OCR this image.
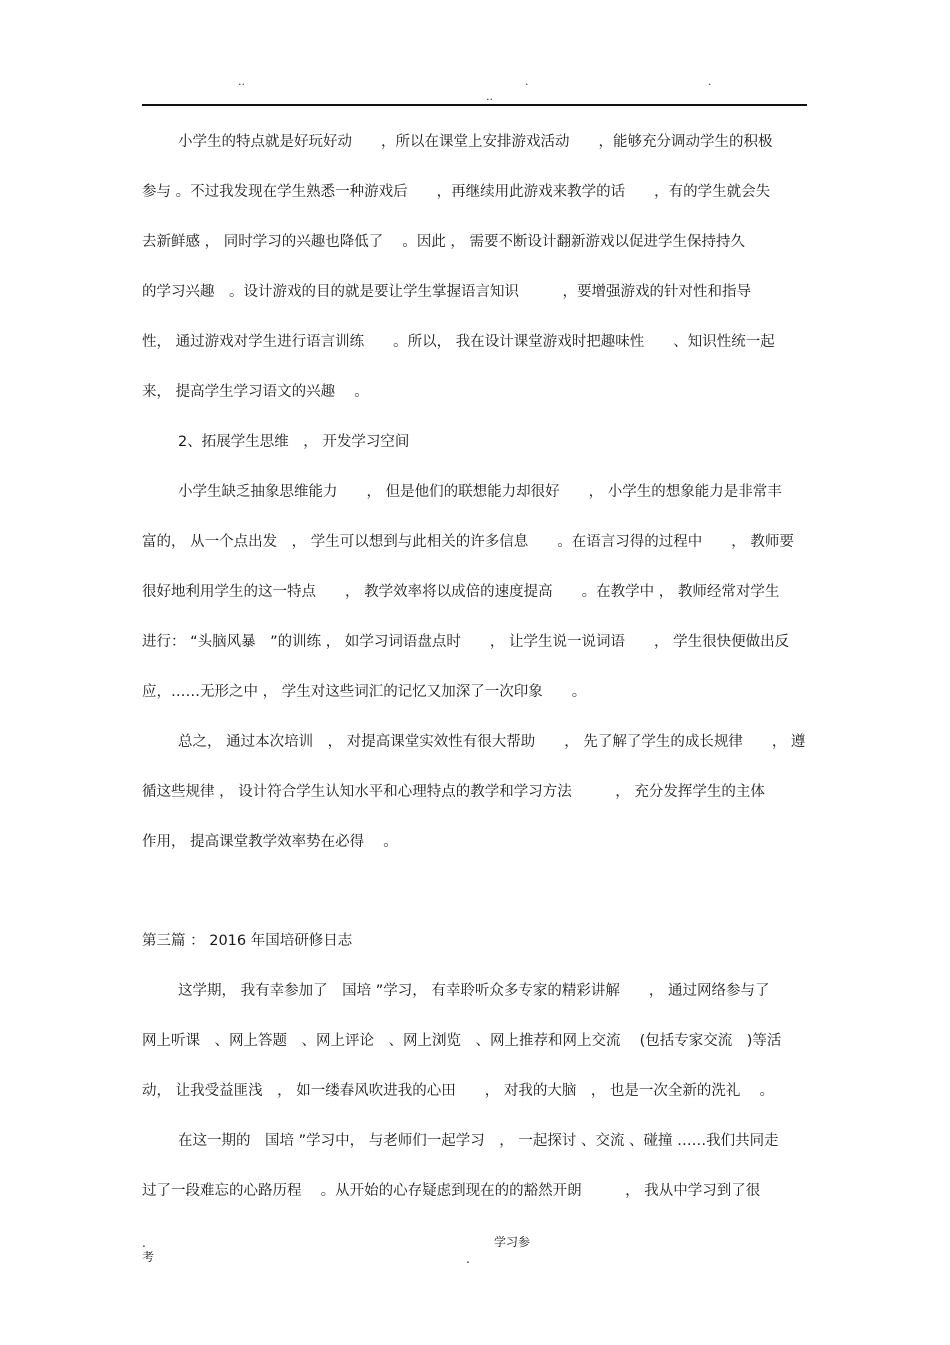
..	.	.
..
小学生的特点就是好玩好动　　，所以在课堂上安排游戏活动　　，能够充分调动学生的积极
参与 。不过我发现在学生熟悉一种游戏后　　，再继续用此游戏来教学的话　　，有的学生就会失
去新鲜感 ， 同时学习的兴趣也降低了　 。因此 ， 需要不断设计翻新游戏以促进学生保持持久
的学习兴趣　。设计游戏的目的就是要让学生掌握语言知识　　　，要增强游戏的针对性和指导
性， 通过游戏对学生进行语言训练　　。所以， 我在设计课堂游戏时把趣味性　　、知识性统一起
来， 提高学生学习语文的兴趣　 。
2、拓展学生思维　， 开发学习空间
小学生缺乏抽象思维能力　　， 但是他们的联想能力却很好　　， 小学生的想象能力是非常丰
富的， 从一个点出发　， 学生可以想到与此相关的许多信息　　。在语言习得的过程中　　， 教师要
很好地利用学生的这一特点　　， 教学效率将以成倍的速度提高　　。在教学中 ， 教师经常对学生
进行： “头脑风暴　”的训练 ， 如学习词语盘点时　　， 让学生说一说词语　　， 学生很快便做出反
应，……无形之中 ， 学生对这些词汇的记忆又加深了一次印象　　。
总之， 通过本次培训　， 对提高课堂实效性有很大帮助　　， 先了解了学生的成长规律　　， 遵
循这些规律 ， 设计符合学生认知水平和心理特点的教学和学习方法　　　， 充分发挥学生的主体
作用， 提高课堂教学效率势在必得　 。
第三篇 ： 2016 年国培研修日志
这学期， 我有幸参加了　国培 ”学习， 有幸聆听众多专家的精彩讲解　　， 通过网络参与了
网上听课　、网上答题　、网上评论　、网上浏览　、网上推荐和网上交流　 (包括专家交流　)等活
动， 让我受益匪浅　， 如一缕春风吹进我的心田　　， 对我的大脑　， 也是一次全新的洗礼　 。
在这一期的　国培 ”学习中， 与老师们一起学习　， 一起探讨 、交流 、碰撞 ……我们共同走
过了一段难忘的心路历程　 。从开始的心存疑虑到现在的的豁然开朗　　　， 我从中学习到了很
.
考
学习参
.
